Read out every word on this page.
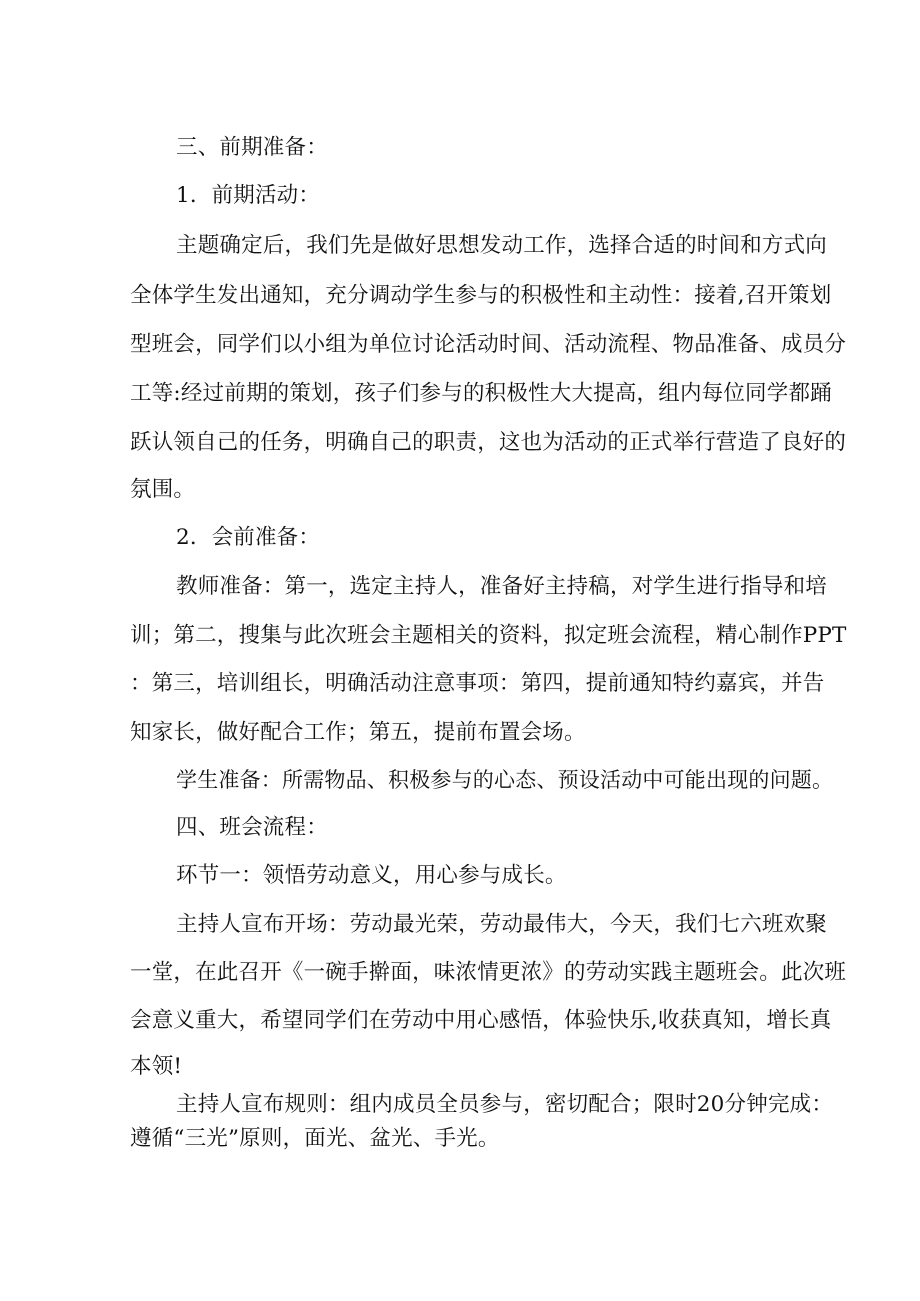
三、前期准备：
1．前期活动：
主题确定后，我们先是做好思想发动工作，选择合适的时间和方式向
全体学生发出通知，充分调动学生参与的积极性和主动性：接着,召开策划
型班会，同学们以小组为单位讨论活动时间、活动流程、物品准备、成员分
工等:经过前期的策划，孩子们参与的积极性大大提高，组内每位同学都踊
跃认领自己的任务，明确自己的职责，这也为活动的正式举行营造了良好的
氛围。
2．会前准备：
教师准备：第一，选定主持人，准备好主持稿，对学生进行指导和培
训；第二，搜集与此次班会主题相关的资料，拟定班会流程，精心制作PPT
：第三，培训组长，明确活动注意事项：第四，提前通知特约嘉宾，并告
知家长，做好配合工作；第五，提前布置会场。
学生准备：所需物品、积极参与的心态、预设活动中可能出现的问题。
四、班会流程：
环节一：领悟劳动意义，用心参与成长。
主持人宣布开场：劳动最光荣，劳动最伟大，今天，我们七六班欢聚
一堂，在此召开《一碗手擀面，味浓情更浓》的劳动实践主题班会。此次班
会意义重大，希望同学们在劳动中用心感悟，体验快乐,收获真知，增长真
本领!
主持人宣布规则：组内成员全员参与，密切配合；限时20分钟完成：
遵循“三光”原则，面光、盆光、手光。
